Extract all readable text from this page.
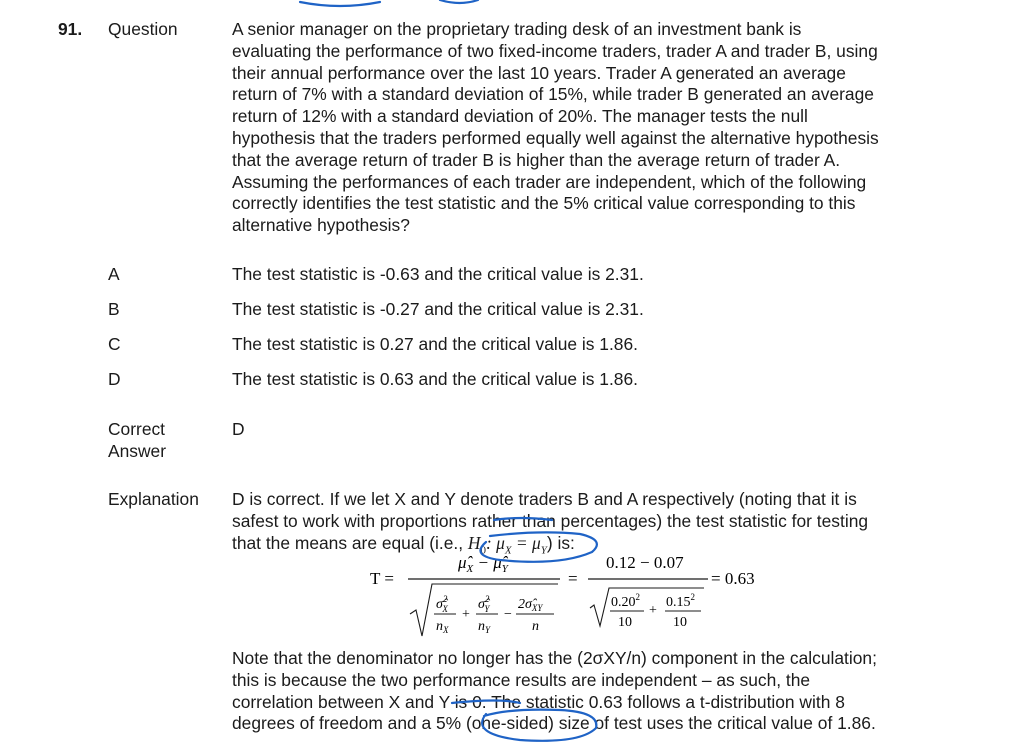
91. Question	A senior manager on the proprietary trading desk of an investment bank is
evaluating the performance of two fixed-income traders, trader A and trader B, using
their annual performance over the last 10 years. Trader A generated an average
return of 7% with a standard deviation of 15%, while trader B generated an average
return of 12% with a standard deviation of 20%. The manager tests the null
hypothesis that the traders performed equally well against the alternative hypothesis
that the average return of trader B is higher than the average return of trader A.
Assuming the performances of each trader are independent, which of the following
correctly identifies the test statistic and the 5% critical value corresponding to this
alternative hypothesis?
A	The test statistic is -0.63 and the critical value is 2.31.
B	The test statistic is -0.27 and the critical value is 2.31.
C	The test statistic is 0.27 and the critical value is 1.86.
D	The test statistic is 0.63 and the critical value is 1.86.
Correct
Answer
D
Explanation D is correct. If we let X and Y denote traders B and A respectively (noting that it is
safest to work with proportions rather than percentages) the test statistic for testing
that the means are equal (i.e., $H_0$: $\mu_X = \mu_Y$) is:
T =
$\mû_X$ − $\mû_Y$
σ̂$^2$ X
$n_X$
+
σ̂$^2$ Y
$n_Y$
−
$2\sigmâ_{XY}$
n
=
0.12 − 0.07
0.20$^2$
10
+
$0.15^2$
10
= 0.63
Note that the denominator no longer has the (2σXY/n) component in the calculation;
this is because the two performance results are independent – as such, the
correlation between X and Y is 0. The statistic 0.63 follows a t-distribution with 8
degrees of freedom and a 5% (one-sided) size of test uses the critical value of 1.86.
